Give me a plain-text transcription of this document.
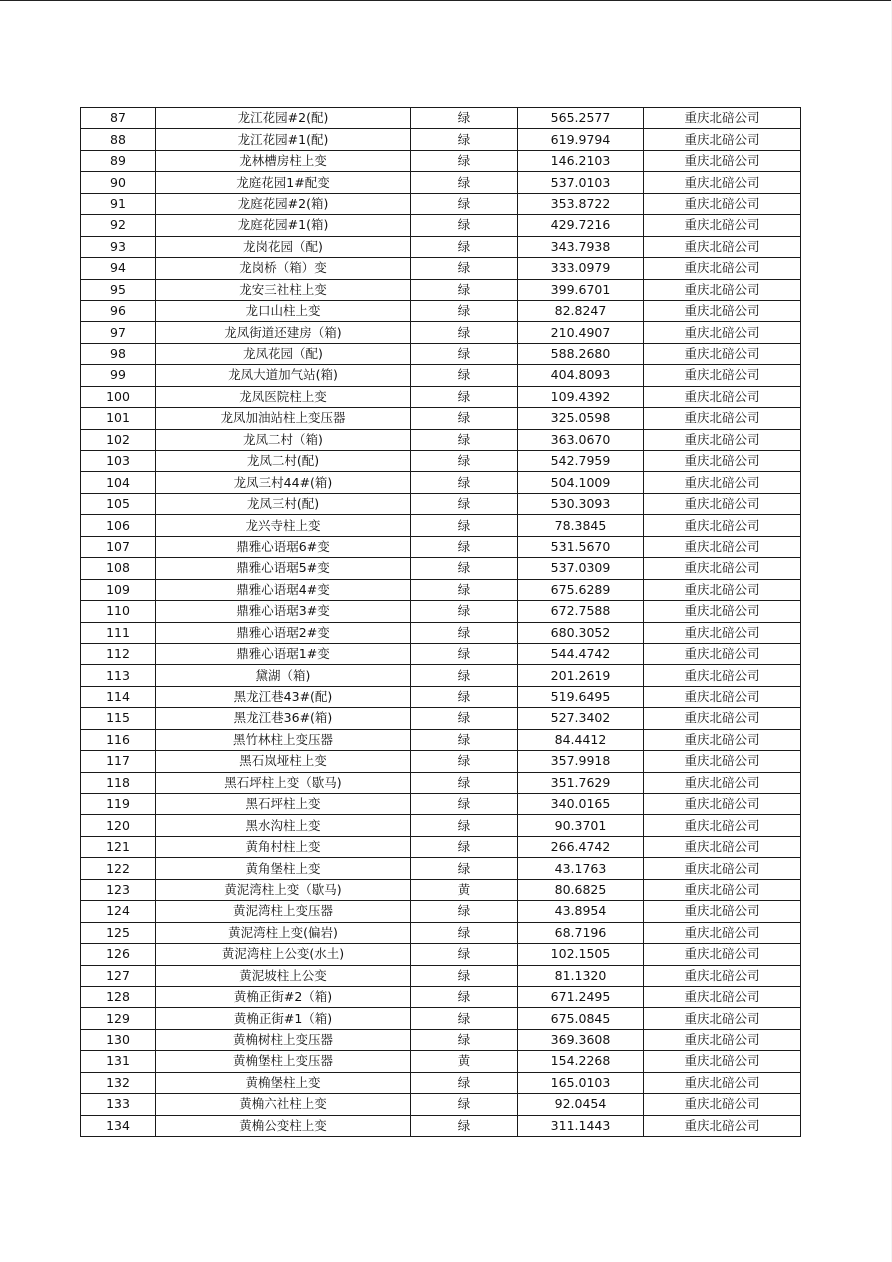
87	龙江花园#2(配)	绿	565.2577	重庆北碚公司
88	龙江花园#1(配)	绿	619.9794	重庆北碚公司
89	龙林槽房柱上变	绿	146.2103	重庆北碚公司
90	龙庭花园1#配变	绿	537.0103	重庆北碚公司
91	龙庭花园#2(箱)	绿	353.8722	重庆北碚公司
92	龙庭花园#1(箱)	绿	429.7216	重庆北碚公司
93	龙岗花园（配)	绿	343.7938	重庆北碚公司
94	龙岗桥（箱）变	绿	333.0979	重庆北碚公司
95	龙安三社柱上变	绿	399.6701	重庆北碚公司
96	龙口山柱上变	绿	82.8247	重庆北碚公司
97	龙凤街道还建房（箱)	绿	210.4907	重庆北碚公司
98	龙凤花园（配)	绿	588.2680	重庆北碚公司
99	龙凤大道加气站(箱)	绿	404.8093	重庆北碚公司
100	龙凤医院柱上变	绿	109.4392	重庆北碚公司
101	龙凤加油站柱上变压器	绿	325.0598	重庆北碚公司
102	龙凤二村（箱)	绿	363.0670	重庆北碚公司
103	龙凤二村(配)	绿	542.7959	重庆北碚公司
104	龙凤三村44#(箱)	绿	504.1009	重庆北碚公司
105	龙凤三村(配)	绿	530.3093	重庆北碚公司
106	龙兴寺柱上变	绿	78.3845	重庆北碚公司
107	鼎雅心语琚6#变	绿	531.5670	重庆北碚公司
108	鼎雅心语琚5#变	绿	537.0309	重庆北碚公司
109	鼎雅心语琚4#变	绿	675.6289	重庆北碚公司
110	鼎雅心语琚3#变	绿	672.7588	重庆北碚公司
111	鼎雅心语琚2#变	绿	680.3052	重庆北碚公司
112	鼎雅心语琚1#变	绿	544.4742	重庆北碚公司
113	黛湖（箱)	绿	201.2619	重庆北碚公司
114	黑龙江巷43#(配)	绿	519.6495	重庆北碚公司
115	黑龙江巷36#(箱)	绿	527.3402	重庆北碚公司
116	黑竹林柱上变压器	绿	84.4412	重庆北碚公司
117	黑石岚垭柱上变	绿	357.9918	重庆北碚公司
118	黑石坪柱上变（歇马)	绿	351.7629	重庆北碚公司
119	黑石坪柱上变	绿	340.0165	重庆北碚公司
120	黑水沟柱上变	绿	90.3701	重庆北碚公司
121	黄角村柱上变	绿	266.4742	重庆北碚公司
122	黄角堡柱上变	绿	43.1763	重庆北碚公司
123	黄泥湾柱上变（歇马)	黄	80.6825	重庆北碚公司
124	黄泥湾柱上变压器	绿	43.8954	重庆北碚公司
125	黄泥湾柱上变(偏岩)	绿	68.7196	重庆北碚公司
126	黄泥湾柱上公变(水土)	绿	102.1505	重庆北碚公司
127	黄泥坡柱上公变	绿	81.1320	重庆北碚公司
128	黄桷正街#2（箱)	绿	671.2495	重庆北碚公司
129	黄桷正街#1（箱)	绿	675.0845	重庆北碚公司
130	黄桷树柱上变压器	绿	369.3608	重庆北碚公司
131	黄桷堡柱上变压器	黄	154.2268	重庆北碚公司
132	黄桷堡柱上变	绿	165.0103	重庆北碚公司
133	黄桷六社柱上变	绿	92.0454	重庆北碚公司
134	黄桷公变柱上变	绿	311.1443	重庆北碚公司
